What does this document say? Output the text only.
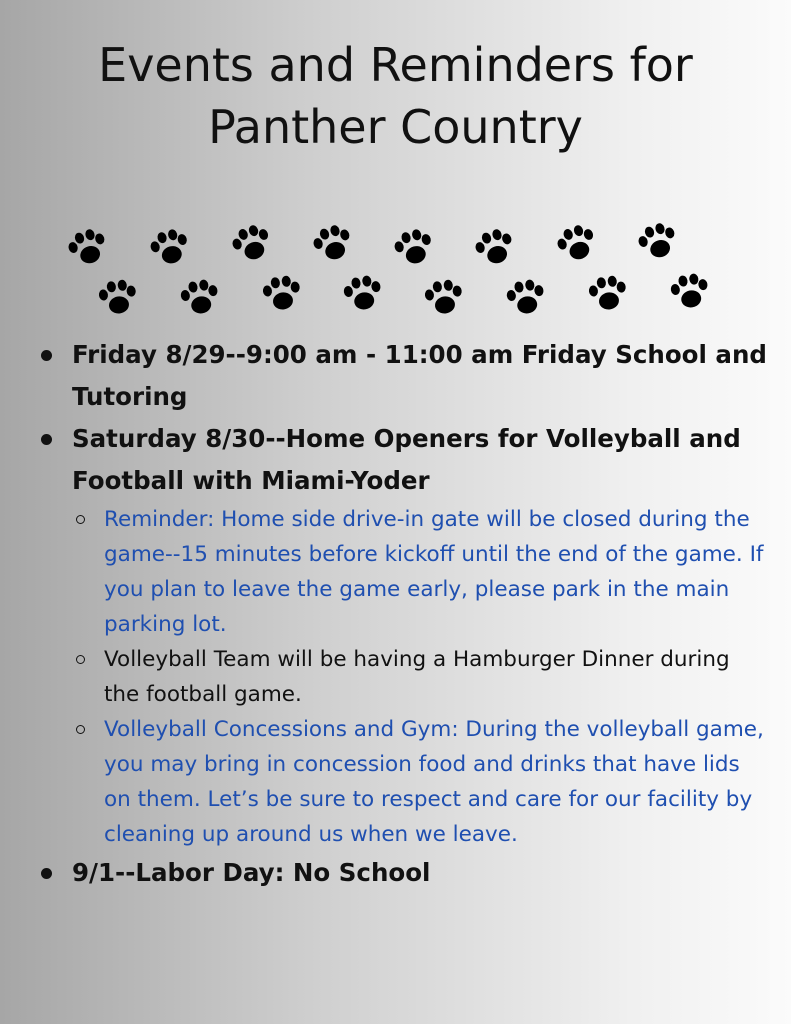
Events and Reminders for
Panther Country
Friday 8/29--9:00 am - 11:00 am Friday School and Tutoring
Saturday 8/30--Home Openers for Volleyball and Football with Miami-Yoder
Reminder: Home side drive-in gate will be closed during the game--15 minutes before kickoff until the end of the game. If you plan to leave the game early, please park in the main parking lot.
Volleyball Team will be having a Hamburger Dinner during the football game.
Volleyball Concessions and Gym: During the volleyball game, you may bring in concession food and drinks that have lids on them. Let’s be sure to respect and care for our facility by cleaning up around us when we leave.
9/1--Labor Day: No School
